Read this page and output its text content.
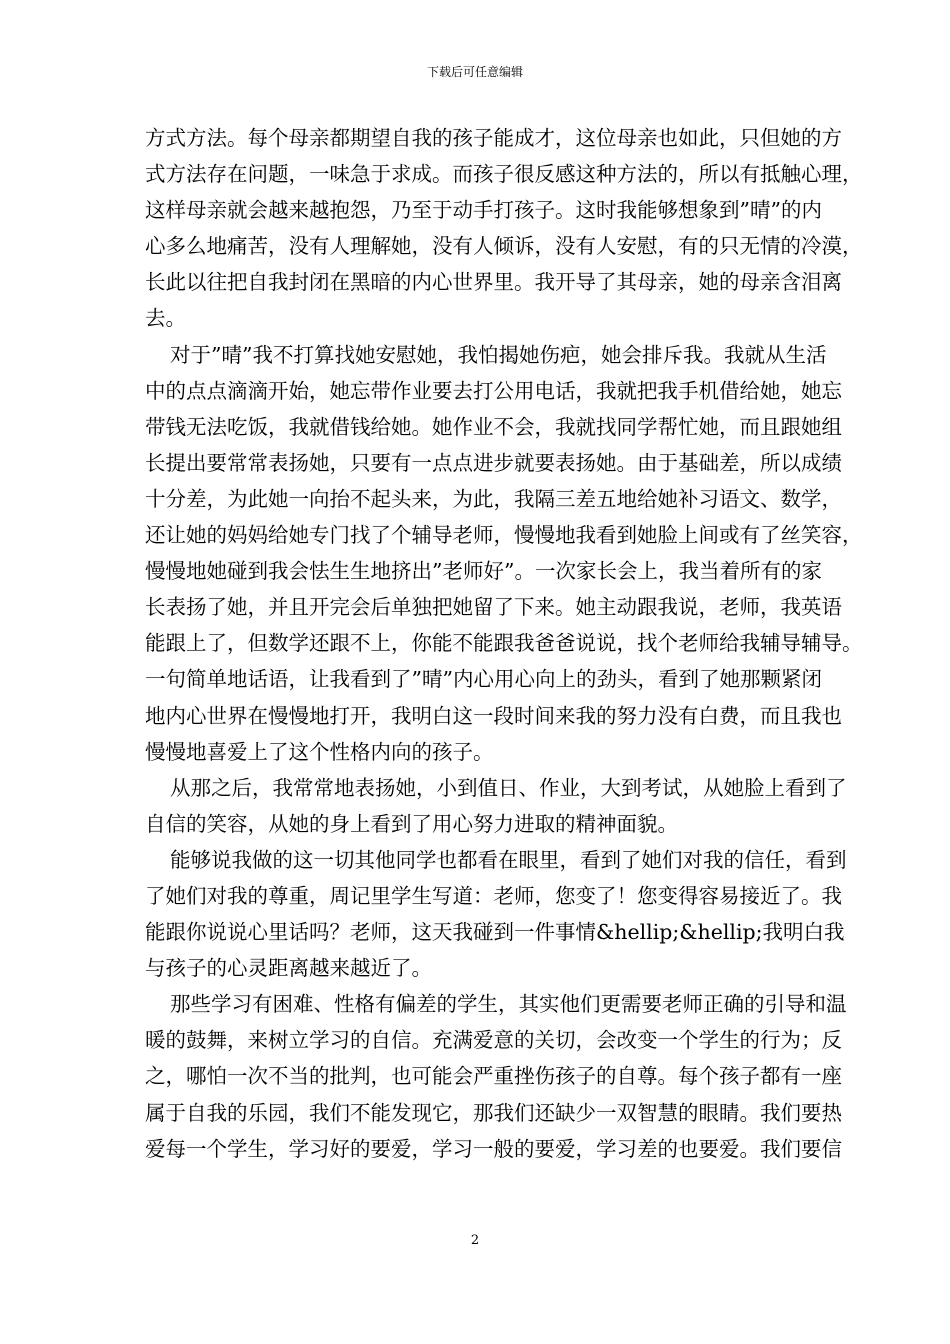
下载后可任意编辑
方式方法。每个母亲都期望自我的孩子能成才，这位母亲也如此，只但她的方
式方法存在问题，一味急于求成。而孩子很反感这种方法的，所以有抵触心理，
这样母亲就会越来越抱怨，乃至于动手打孩子。这时我能够想象到”晴”的内
心多么地痛苦，没有人理解她，没有人倾诉，没有人安慰，有的只无情的冷漠，
长此以往把自我封闭在黑暗的内心世界里。我开导了其母亲，她的母亲含泪离
去。
对于”晴”我不打算找她安慰她，我怕揭她伤疤，她会排斥我。我就从生活
中的点点滴滴开始，她忘带作业要去打公用电话，我就把我手机借给她，她忘
带钱无法吃饭，我就借钱给她。她作业不会，我就找同学帮忙她，而且跟她组
长提出要常常表扬她，只要有一点点进步就要表扬她。由于基础差，所以成绩
十分差，为此她一向抬不起头来，为此，我隔三差五地给她补习语文、数学，
还让她的妈妈给她专门找了个辅导老师，慢慢地我看到她脸上间或有了丝笑容，
慢慢地她碰到我会怯生生地挤出”老师好”。一次家长会上，我当着所有的家
长表扬了她，并且开完会后单独把她留了下来。她主动跟我说，老师，我英语
能跟上了，但数学还跟不上，你能不能跟我爸爸说说，找个老师给我辅导辅导。
一句简单地话语，让我看到了”晴”内心用心向上的劲头，看到了她那颗紧闭
地内心世界在慢慢地打开，我明白这一段时间来我的努力没有白费，而且我也
慢慢地喜爱上了这个性格内向的孩子。
从那之后，我常常地表扬她，小到值日、作业，大到考试，从她脸上看到了
自信的笑容，从她的身上看到了用心努力进取的精神面貌。
能够说我做的这一切其他同学也都看在眼里，看到了她们对我的信任，看到
了她们对我的尊重，周记里学生写道：老师，您变了！您变得容易接近了。我
能跟你说说心里话吗？老师，这天我碰到一件事情&hellip;&hellip;我明白我
与孩子的心灵距离越来越近了。
那些学习有困难、性格有偏差的学生，其实他们更需要老师正确的引导和温
暖的鼓舞，来树立学习的自信。充满爱意的关切，会改变一个学生的行为；反
之，哪怕一次不当的批判，也可能会严重挫伤孩子的自尊。每个孩子都有一座
属于自我的乐园，我们不能发现它，那我们还缺少一双智慧的眼睛。我们要热
爱每一个学生，学习好的要爱，学习一般的要爱，学习差的也要爱。我们要信
2
